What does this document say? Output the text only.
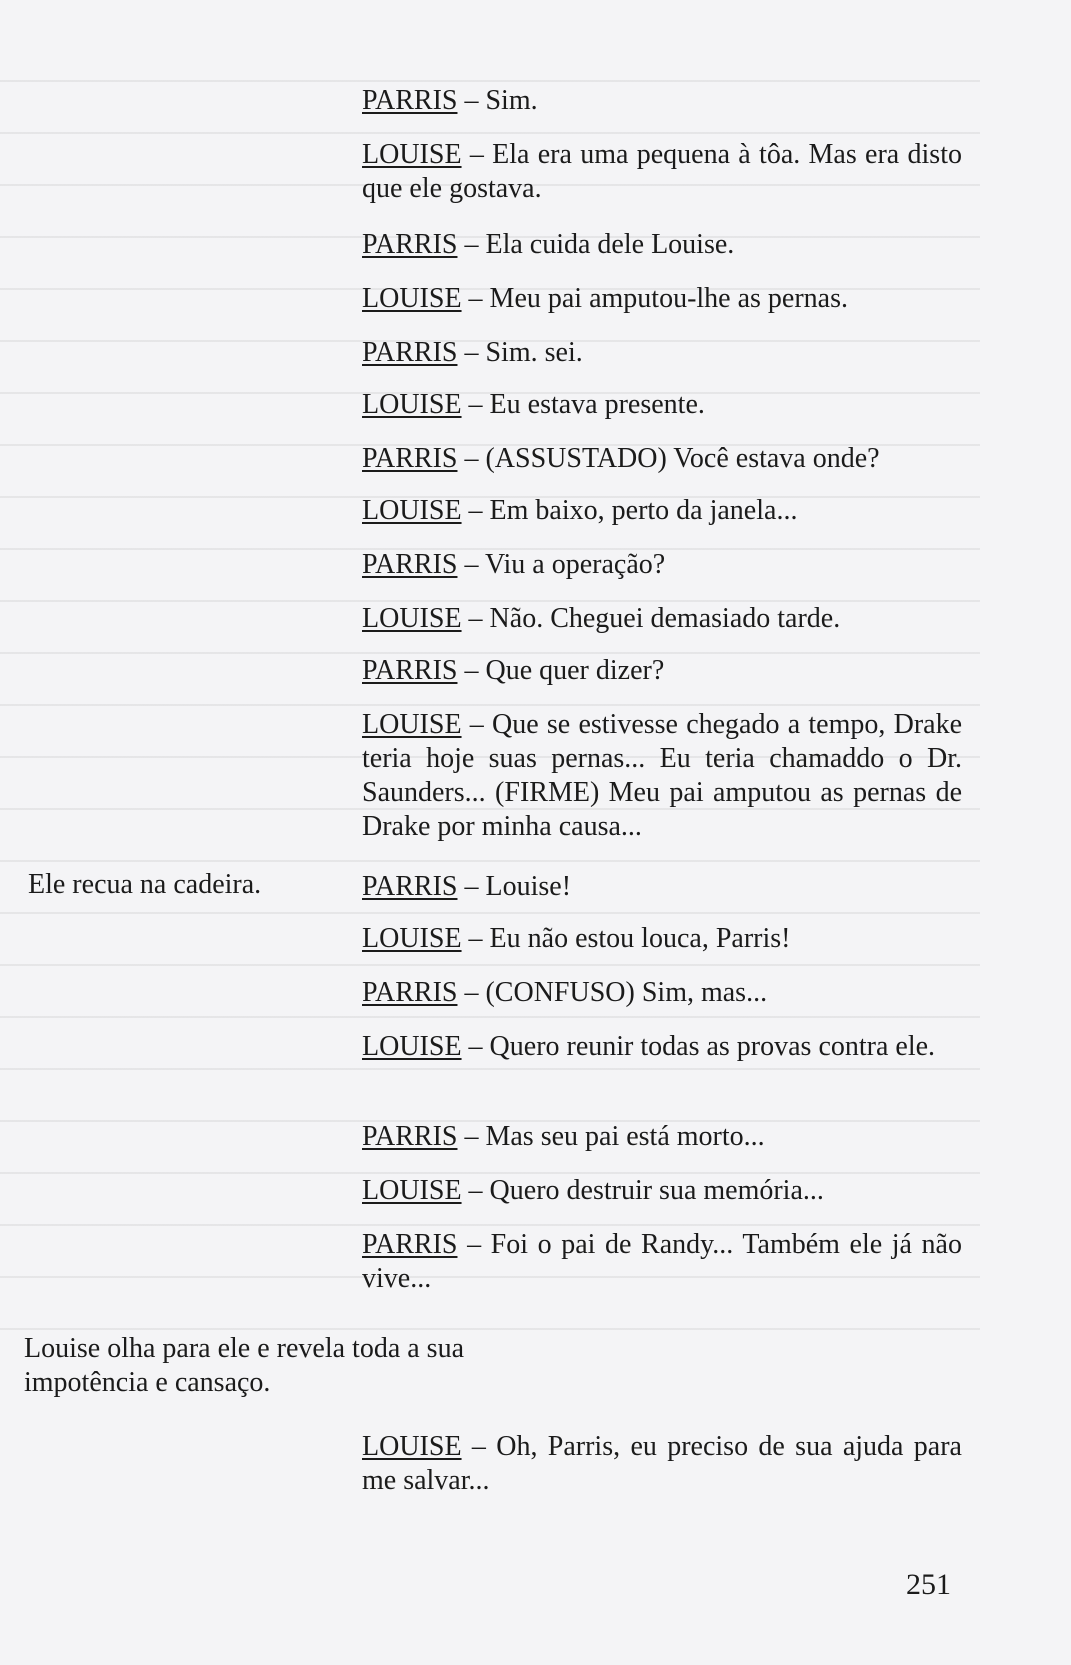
PARRIS – Sim.
LOUISE – Ela era uma pequena à tôa. Mas era disto que ele gostava.
PARRIS – Ela cuida dele Louise.
LOUISE – Meu pai amputou-lhe as pernas.
PARRIS – Sim. sei.
LOUISE – Eu estava presente.
PARRIS – (ASSUSTADO) Você estava onde?
LOUISE – Em baixo, perto da janela...
PARRIS – Viu a operação?
LOUISE – Não. Cheguei demasiado tarde.
PARRIS – Que quer dizer?
LOUISE – Que se estivesse chegado a tempo, Drake teria hoje suas pernas... Eu teria chamaddo o Dr. Saunders... (FIRME) Meu pai amputou as pernas de Drake por minha causa...
PARRIS – Louise!
LOUISE – Eu não estou louca, Parris!
PARRIS – (CONFUSO) Sim, mas...
LOUISE – Quero reunir todas as provas contra ele.
PARRIS – Mas seu pai está morto...
LOUISE – Quero destruir sua memória...
PARRIS – Foi o pai de Randy... Também ele já não vive...
LOUISE – Oh, Parris, eu preciso de sua ajuda para me salvar...
Ele recua na cadeira.
Louise olha para ele e revela toda a sua impotência e cansaço.
251
